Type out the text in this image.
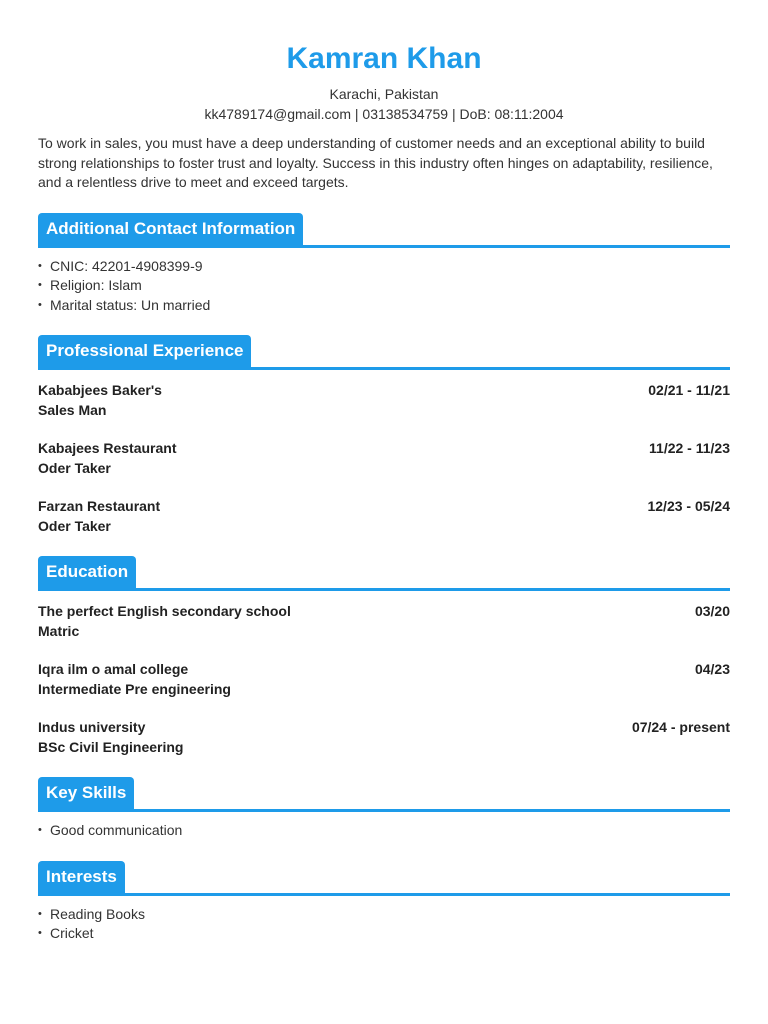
Kamran Khan
Karachi, Pakistan
kk4789174@gmail.com | 03138534759 | DoB: 08:11:2004
To work in sales, you must have a deep understanding of customer needs and an exceptional ability to build strong relationships to foster trust and loyalty. Success in this industry often hinges on adaptability, resilience, and a relentless drive to meet and exceed targets.
Additional Contact Information
• CNIC: 42201-4908399-9
• Religion: Islam
• Marital status: Un married
Professional Experience
Kababjees Baker's
Sales Man
02/21 - 11/21
Kabajees Restaurant
Oder Taker
11/22 - 11/23
Farzan Restaurant
Oder Taker
12/23 - 05/24
Education
The perfect English secondary school
Matric
03/20
Iqra ilm o amal college
Intermediate Pre engineering
04/23
Indus university
BSc Civil Engineering
07/24 - present
Key Skills
• Good communication
Interests
• Reading Books
• Cricket
